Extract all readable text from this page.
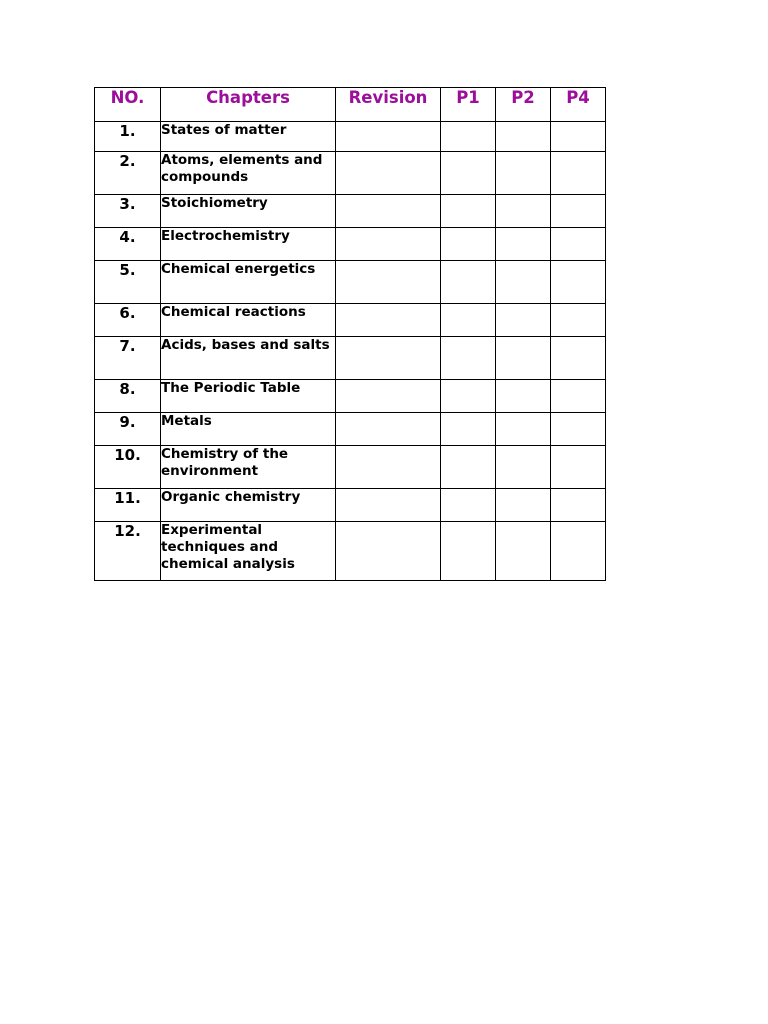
NO.	Chapters	Revision	P1	P2	P4
1.	States of matter				
2.	Atoms, elements and compounds				
3.	Stoichiometry				
4.	Electrochemistry				
5.	Chemical energetics				
6.	Chemical reactions				
7.	Acids, bases and salts				
8.	The Periodic Table				
9.	Metals				
10.	Chemistry of the environment				
11.	Organic chemistry				
12.	Experimental techniques and chemical analysis				
